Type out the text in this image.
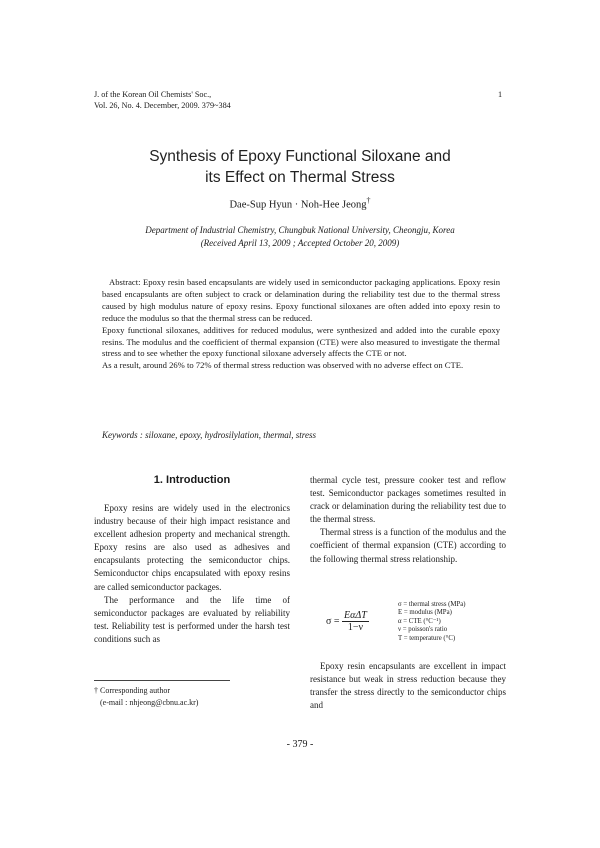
J. of the Korean Oil Chemists' Soc.,
Vol. 26, No. 4. December, 2009. 379~384
1
Synthesis of Epoxy Functional Siloxane and
its Effect on Thermal Stress
Dae-Sup Hyun · Noh-Hee Jeong†
Department of Industrial Chemistry, Chungbuk National University, Cheongju, Korea
(Received April 13, 2009 ; Accepted October 20, 2009)

Abstract: Epoxy resin based encapsulants are widely used in semiconductor packaging applications. Epoxy resin based encapsulants are often subject to crack or delamination during the reliability test due to the thermal stress caused by high modulus nature of epoxy resins. Epoxy functional siloxanes are often added into epoxy resin to reduce the modulus so that the thermal stress can be reduced.

Epoxy functional siloxanes, additives for reduced modulus, were synthesized and added into the curable epoxy resins. The modulus and the coefficient of thermal expansion (CTE) were also measured to investigate the thermal stress and to see whether the epoxy functional siloxane adversely affects the CTE or not.

As a result, around 26% to 72% of thermal stress reduction was observed with no adverse effect on CTE.

Keywords : siloxane, epoxy, hydrosilylation, thermal, stress
1. Introduction

Epoxy resins are widely used in the electronics industry because of their high impact resistance and excellent adhesion property and mechanical strength. Epoxy resins are also used as adhesives and encapsulants protecting the semiconductor chips. Semiconductor chips encapsulated with epoxy resins are called semiconductor packages.

The performance and the life time of semiconductor packages are evaluated by reliability test. Reliability test is performed under the harsh test conditions such as

thermal cycle test, pressure cooker test and reflow test. Semiconductor packages sometimes resulted in crack or delamination during the reliability test due to the thermal stress.

Thermal stress is a function of the modulus and the coefficient of thermal expansion (CTE) according to the following thermal stress relationship.

$\sigma = \frac{\text{EαΔT}}{1-\nu}$
σ = thermal stress (MPa)
E = modulus (MPa)
α = CTE (°C⁻¹)
ν = poisson's ratio
T = temperature (°C)

Epoxy resin encapsulants are excellent in impact resistance but weak in stress reduction because they transfer the stress directly to the semiconductor chips and

† Corresponding author
(e-mail : nhjeong@cbnu.ac.kr)
- 379 -
